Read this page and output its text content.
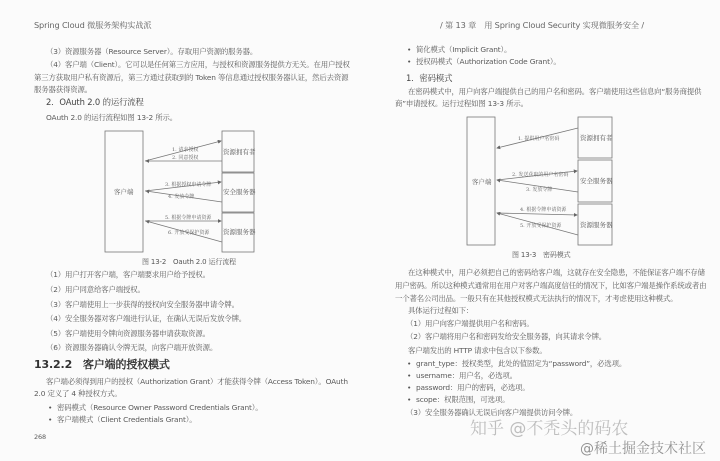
Spring Cloud 微服务架构实战派
（3）资源服务器（Resource Server）。存取用户资源的服务器。
（4）客户端（Client）。它可以是任何第三方应用，与授权和资源服务提供方无关。在用户授权
第三方获取用户私有资源后，第三方通过获取到的 Token 等信息通过授权服务器认证，然后去资源
服务器获得资源。
2．OAuth 2.0 的运行流程
OAuth 2.0 的运行流程如图 13-2 所示。
客户端
资源拥有者
安全服务器
资源服务器
1. 请求授权
2. 同意授权
3. 根据授权申请令牌
4. 发放令牌
5. 根据令牌申请资源
6. 开放受保护资源
客户端
资源拥有者
安全服务器
资源服务器
1. 提供用户名密码
2. 发送获取的用户名密码
3. 发放令牌
4. 根据令牌申请资源
5. 开放受保护资源
图 13-2　Oauth 2.0 运行流程
（1）用户打开客户端，客户端要求用户给予授权。
（2）用户同意给客户端授权。
（3）客户端使用上一步获得的授权向安全服务器申请令牌。
（4）安全服务器对客户端进行认证，在确认无误后发放令牌。
（5）客户端使用令牌向资源服务器申请获取资源。
（6）资源服务器确认令牌无误，向客户端开放资源。
13.2.2　客户端的授权模式
客户端必须得到用户的授权（Authorization Grant）才能获得令牌（Access Token）。OAuth
2.0 定义了 4 种授权方式。
• 密码模式（Resource Owner Password Credentials Grant）。
• 客户端模式（Client Credentials Grant）。
268
/ 第 13 章　用 Spring Cloud Security 实现微服务安全 /
• 简化模式（Implicit Grant）。
• 授权码模式（Authorization Code Grant）。
1．密码模式
在密码模式中，用户向客户端提供自己的用户名和密码。客户端使用这些信息向“服务商提供
商”申请授权。运行过程如图 13-3 所示。
图 13-3　密码模式
在这种模式中，用户必须把自己的密码给客户端，这就存在安全隐患，不能保证客户端不存储
用户密码。所以这种模式通常用在用户对客户端高度信任的情况下，比如客户端是操作系统或者由
一个著名公司出品。一般只有在其他授权模式无法执行的情况下，才考虑使用这种模式。
具体运行过程如下：
（1）用户向客户端提供用户名和密码。
（2）客户端将用户名和密码发给安全服务器，向其请求令牌。
客户端发出的 HTTP 请求中包含以下参数。
• grant_type：授权类型，此处的值固定为“password”，必选项。
• username：用户名，必选项。
• password：用户的密码，必选项。
• scope：权限范围，可选项。
（3）安全服务器确认无误后向客户端提供访问令牌。
知乎 @不秃头的码农
@稀土掘金技术社区
